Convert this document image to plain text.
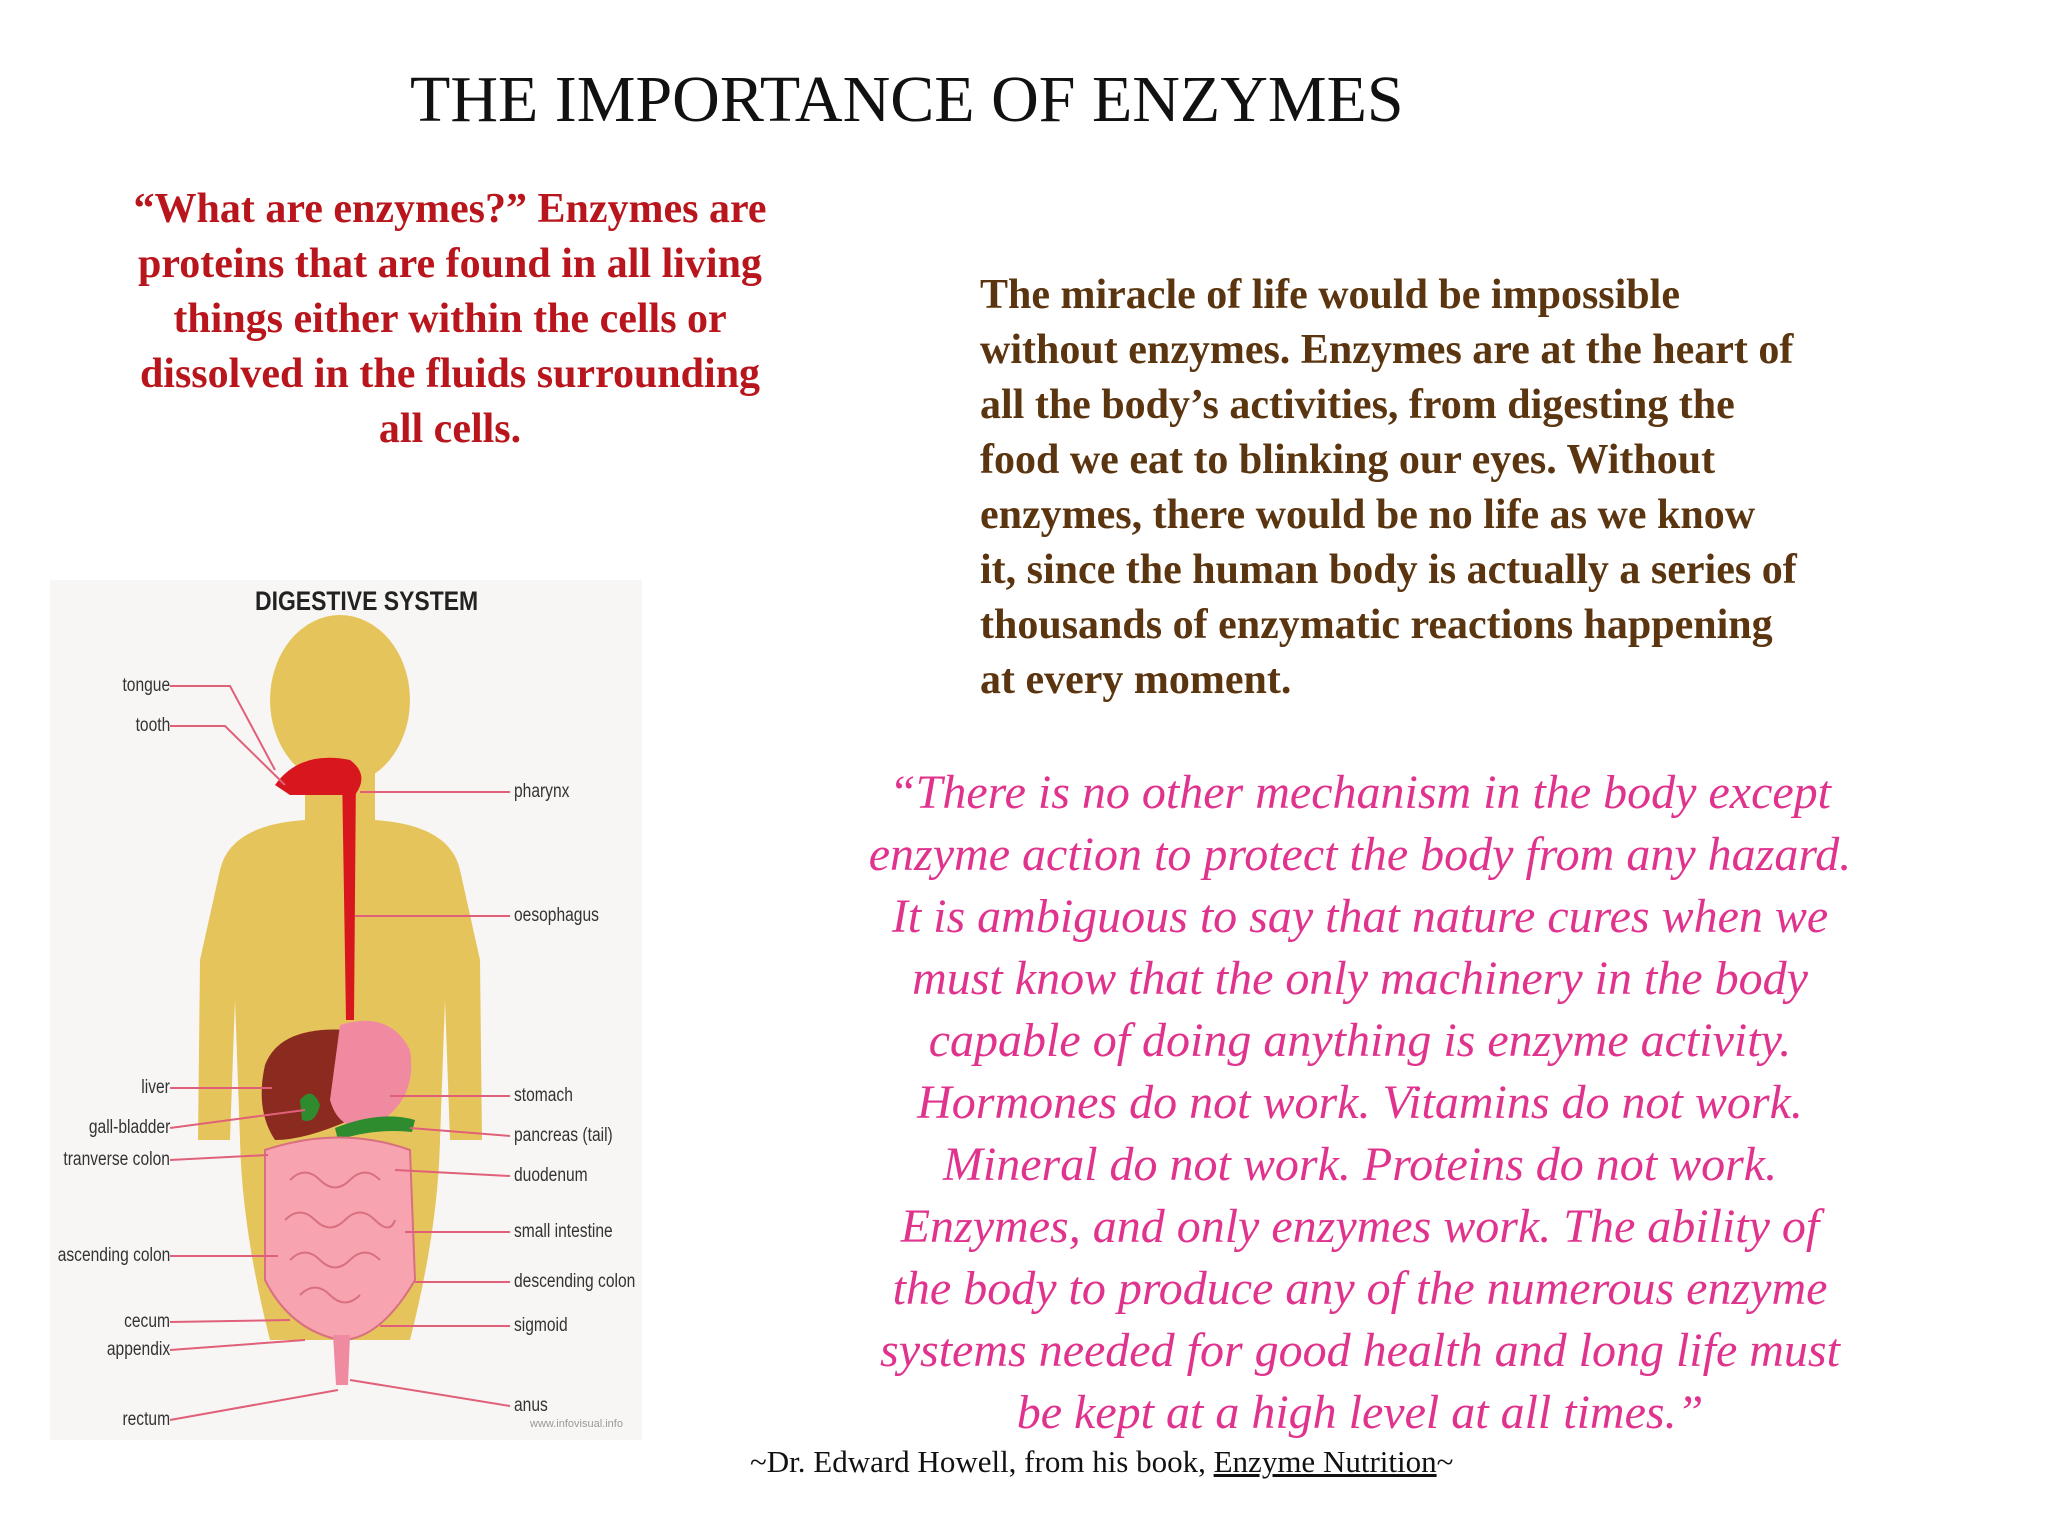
THE IMPORTANCE OF ENZYMES
“What are enzymes?” Enzymes are
proteins that are found in all living
things either within the cells or
dissolved in the fluids surrounding
all cells.
The miracle of life would be impossible
without enzymes. Enzymes are at the heart of
all the body’s activities, from digesting the
food we eat to blinking our eyes. Without
enzymes, there would be no life as we know
it, since the human body is actually a series of
thousands of enzymatic reactions happening
at every moment.
“There is no other mechanism in the body except
enzyme action to protect the body from any hazard.
It is ambiguous to say that nature cures when we
must know that the only machinery in the body
capable of doing anything is enzyme activity.
Hormones do not work. Vitamins do not work.
Mineral do not work. Proteins do not work.
Enzymes, and only enzymes work. The ability of
the body to produce any of the numerous enzyme
systems needed for good health and long life must
be kept at a high level at all times.”
~Dr. Edward Howell, from his book, Enzyme Nutrition~
DIGESTIVE SYSTEM
tongue
tooth
liver
gall-bladder
tranverse colon
ascending colon
cecum
appendix
rectum
pharynx
oesophagus
stomach
pancreas (tail)
duodenum
small intestine
descending colon
sigmoid
anus
www.infovisual.info
